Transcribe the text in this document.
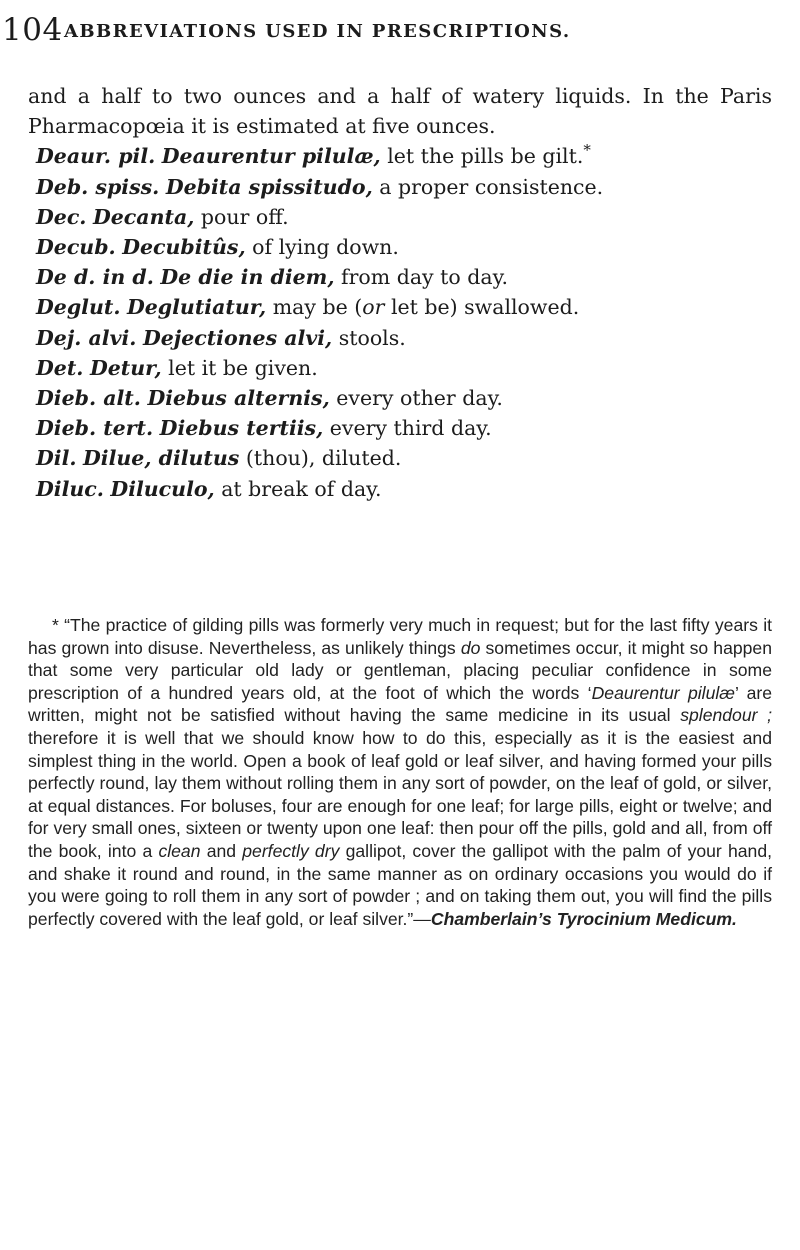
104 ABBREVIATIONS USED IN PRESCRIPTIONS.

and a half to two ounces and a half of watery liquids. In the Paris Pharmacopœia it is estimated at five ounces.

Deaur. pil. Deaurentur pilulæ, let the pills be gilt.*

Deb. spiss. Debita spissitudo, a proper consistence.

Dec. Decanta, pour off.

Decub. Decubitûs, of lying down.

De d. in d. De die in diem, from day to day.

Deglut. Deglutiatur, may be (or let be) swallowed.

Dej. alvi. Dejectiones alvi, stools.

Det. Detur, let it be given.

Dieb. alt. Diebus alternis, every other day.

Dieb. tert. Diebus tertiis, every third day.

Dil. Dilue, dilutus (thou), diluted.

Diluc. Diluculo, at break of day.

* “The practice of gilding pills was formerly very much in request; but for the last fifty years it has grown into disuse. Nevertheless, as unlikely things do sometimes occur, it might so happen that some very particular old lady or gentleman, placing peculiar confidence in some prescription of a hundred years old, at the foot of which the words ‘Deaurentur pilulæ’ are written, might not be satisfied without having the same medicine in its usual splendour ; therefore it is well that we should know how to do this, especially as it is the easiest and simplest thing in the world. Open a book of leaf gold or leaf silver, and having formed your pills perfectly round, lay them without rolling them in any sort of powder, on the leaf of gold, or silver, at equal distances. For boluses, four are enough for one leaf; for large pills, eight or twelve; and for very small ones, sixteen or twenty upon one leaf: then pour off the pills, gold and all, from off the book, into a clean and perfectly dry gallipot, cover the gallipot with the palm of your hand, and shake it round and round, in the same manner as on ordinary occasions you would do if you were going to roll them in any sort of powder ; and on taking them out, you will find the pills perfectly covered with the leaf gold, or leaf silver.”—Chamberlain’s Tyrocinium Medicum.
